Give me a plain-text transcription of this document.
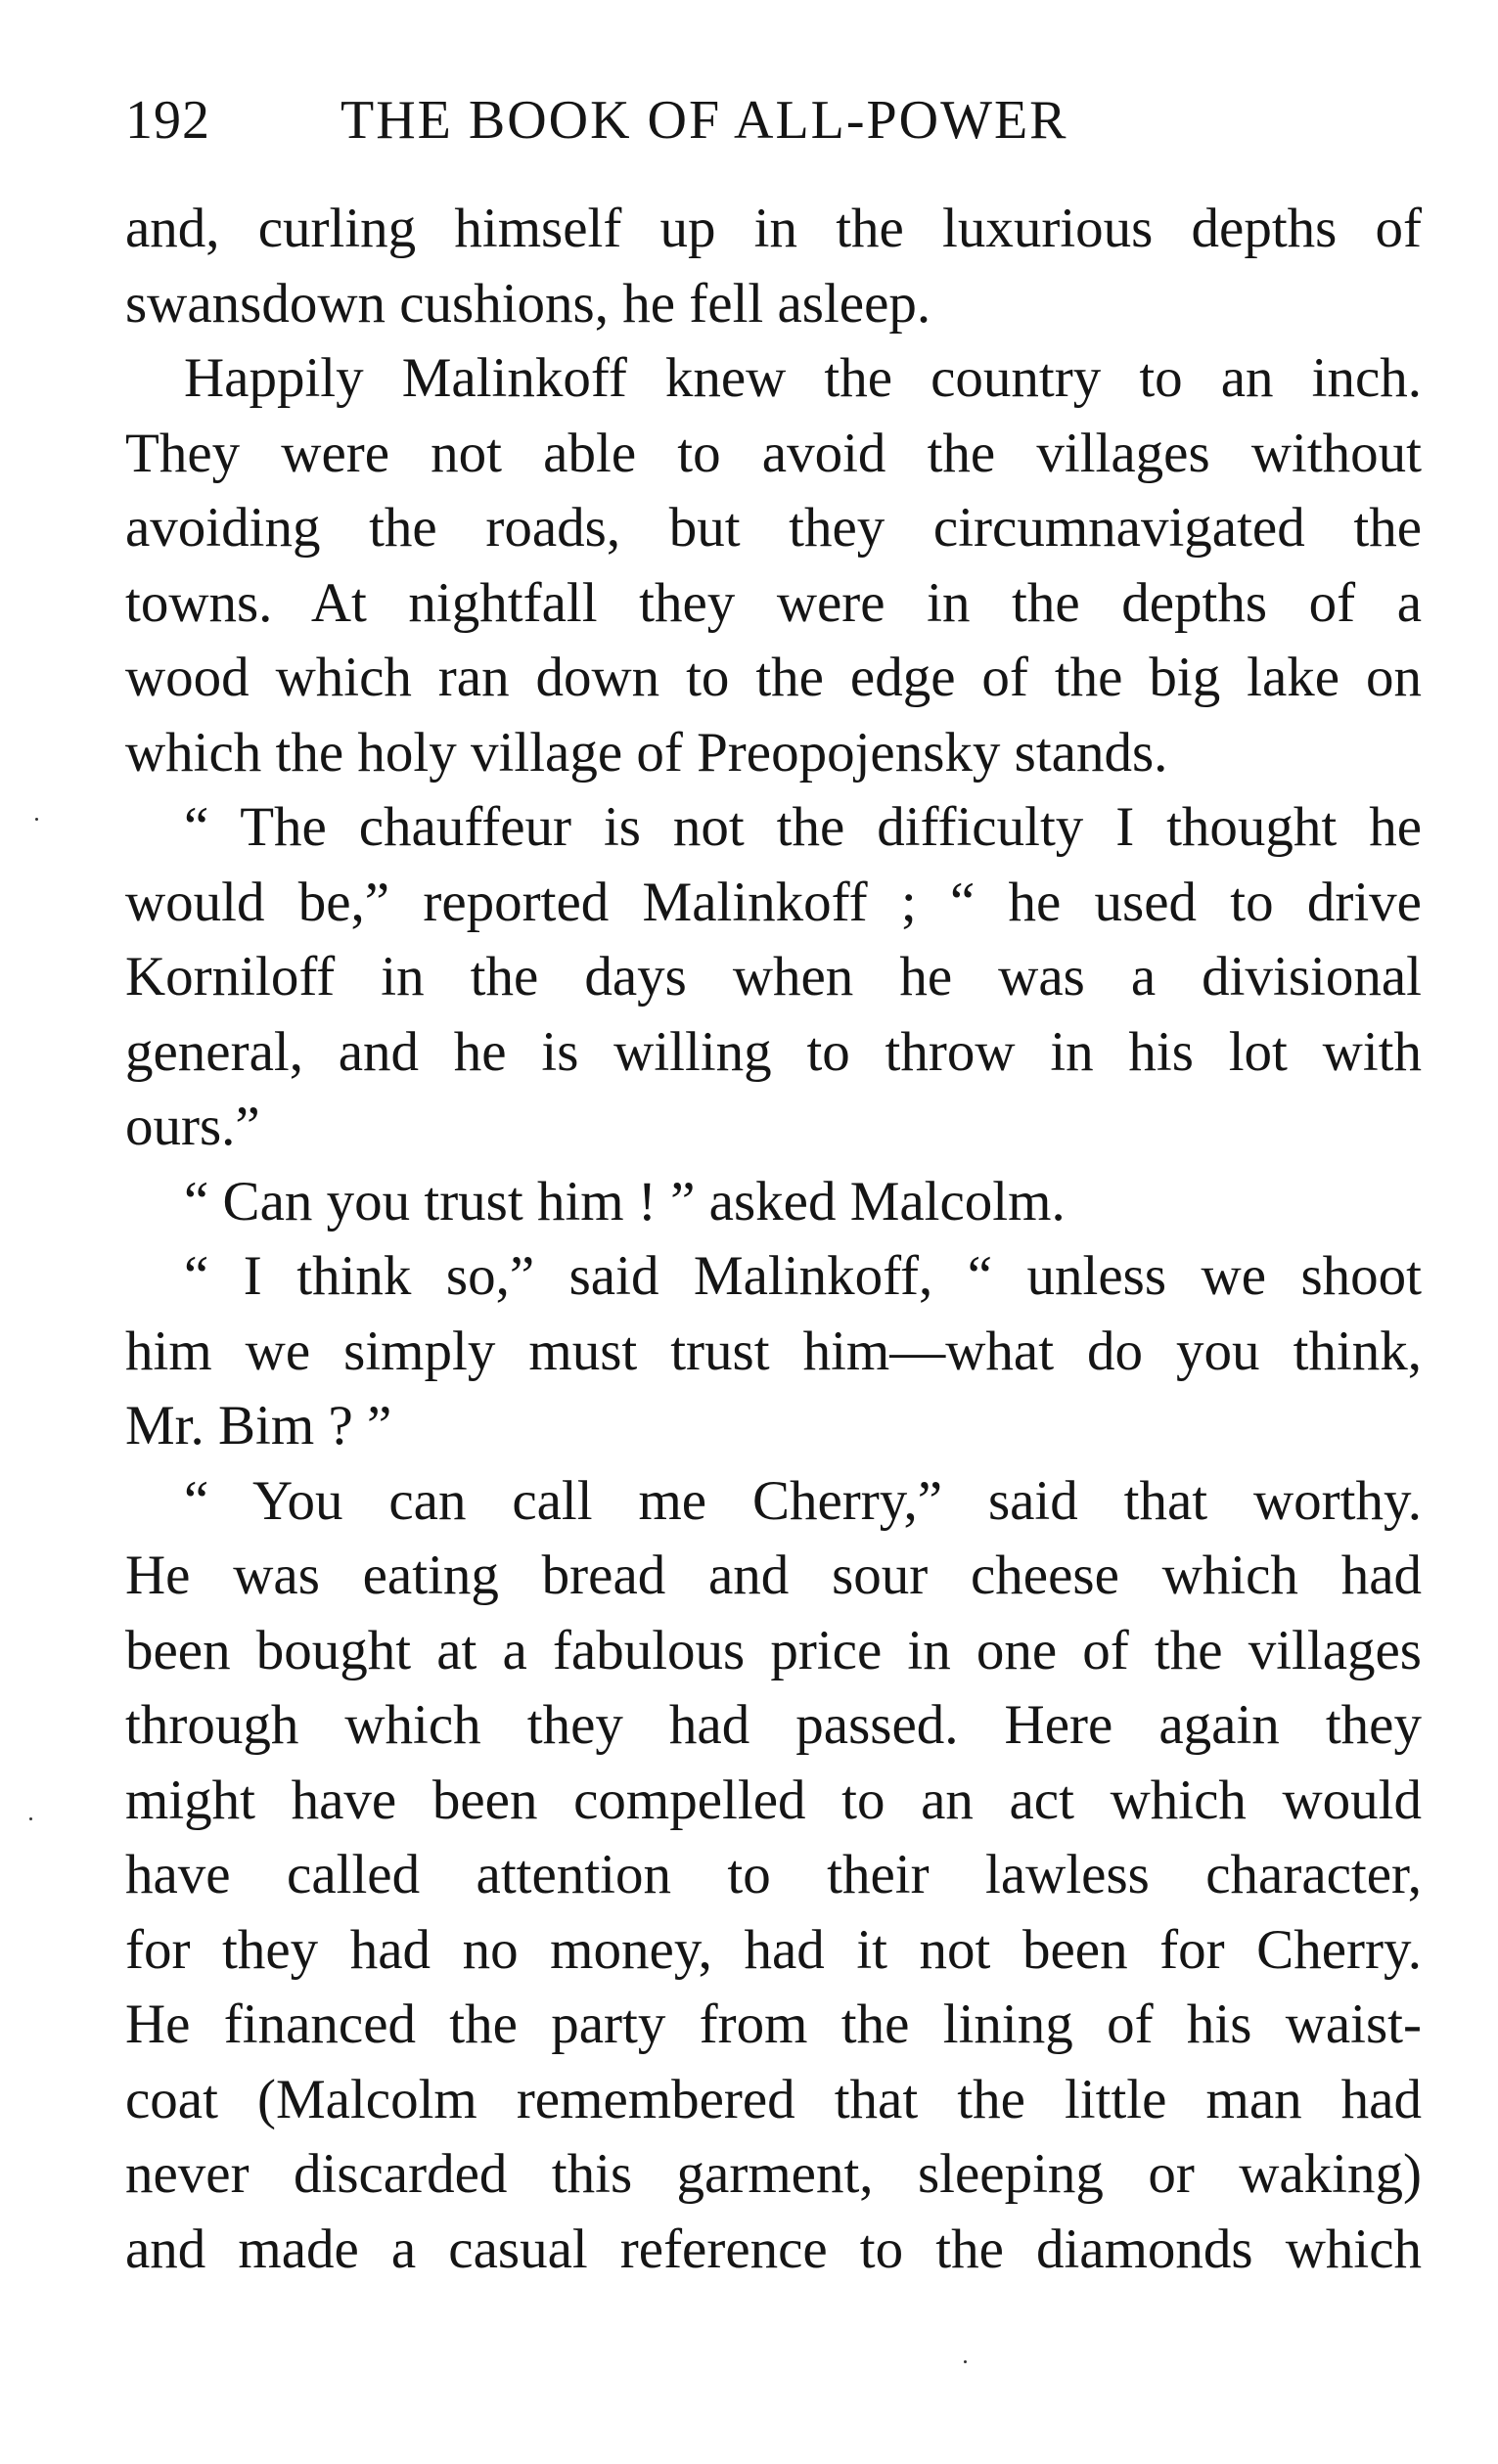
192 THE BOOK OF ALL-POWER
and, curling himself up in the luxurious depths of
swansdown cushions, he fell asleep.
Happily Malinkoff knew the country to an inch.
They were not able to avoid the villages without
avoiding the roads, but they circumnavigated the
towns. At nightfall they were in the depths of a
wood which ran down to the edge of the big lake on
which the holy village of Preopojensky stands.
“ The chauffeur is not the difficulty I thought he
would be,” reported Malinkoff ; “ he used to drive
Korniloff in the days when he was a divisional
general, and he is willing to throw in his lot with
ours.”
“ Can you trust him ! ” asked Malcolm.
“ I think so,” said Malinkoff, “ unless we shoot
him we simply must trust him—what do you think,
Mr. Bim ? ”
“ You can call me Cherry,” said that worthy.
He was eating bread and sour cheese which had
been bought at a fabulous price in one of the villages
through which they had passed. Here again they
might have been compelled to an act which would
have called attention to their lawless character,
for they had no money, had it not been for Cherry.
He financed the party from the lining of his waist-
coat (Malcolm remembered that the little man had
never discarded this garment, sleeping or waking)
and made a casual reference to the diamonds which
